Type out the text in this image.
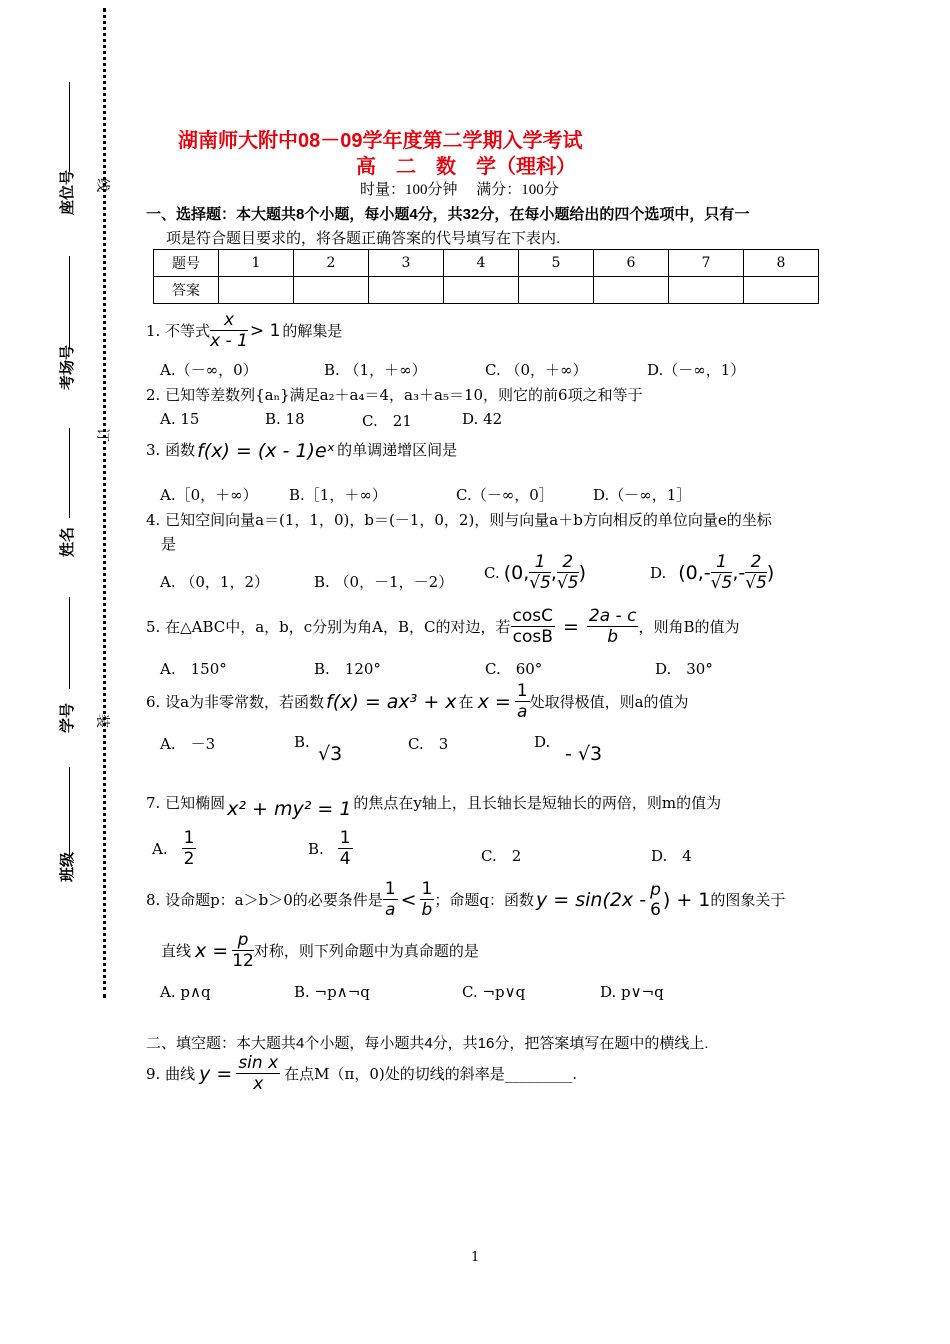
座位号
考场号
姓名
学号
班级
线
订
装
湖南师大附中08－09学年度第二学期入学考试
高　二　数　学（理科）
时量：100分钟　 满分：100分
一、选择题：本大题共8个小题，每小题4分，共32分，在每小题给出的四个选项中，只有一
项是符合题目要求的，将各题正确答案的代号填写在下表内.
题号	1	2	3	4	5	6	7	8
答案								
1. 不等式 $\frac{x}{x - 1} > 1$ 的解集是
A.（－∞，0）	B. （1，＋∞）	C. （0，＋∞）	D.（－∞，1）
2. 已知等差数列{aₙ}满足a₂＋a₄＝4，a₃＋a₅＝10，则它的前6项之和等于
A. 15	B. 18	C.　21	D. 42
3. 函数 f(x) = (x - 1)eˣ 的单调递增区间是
A.［0，＋∞） B.［1，＋∞）	C.（－∞，0］	D.（－∞，1］
4. 已知空间向量a＝(1，1，0)，b＝(－1，0，2)，则与向量a＋b方向相反的单位向量e的坐标
是
A. （0，1，2）	B. （0，－1，－2）
C. (0, $\frac{1}{√5}$ , $\frac{2}{√5}$ )	D. ($0,- \frac{1}{√5}$ ,- $\frac{2}{√5}$ )
5. 在△ABC中，a，b，c分别为角A，B，C的对边，若 $\frac{\cos C}{\cos B} = \frac{2a - c}{b}$ ，则角B的值为
A.　150°	B.　120°	C.　60°	D.　30°
6. 设a为非零常数，若函数 f(x) = ax³ + x 在 $x = \frac{1}{a}$ 处取得极值，则a的值为
A.　－3	B.
√3	C.　3	D.
- √3
7. 已知椭圆 x² + my² = 1 的焦点在y轴上，且长轴长是短轴长的两倍，则m的值为
A. $\frac{1}{2}$	B. $\frac{1}{4}$	C.　2	D.　4
8. 设命题p：a＞b＞0的必要条件是 $\frac{1}{a} < \frac{1}{b}$ ；命题q：函数 y = sin(2x - p
6 ) + 1 的图象关于
直线 $x = \frac{p}{12}$ 对称，则下列命题中为真命题的是
A. p∧q	B. ¬p∧¬q	C. ¬p∨q	D. p∨¬q
二、填空题：本大题共4个小题，每小题共4分，共16分，把答案填写在题中的横线上.
9. 曲线 $y = \frac{\text{sin x}}{x}$ 在点M（π，0)处的切线的斜率是_________.
1
